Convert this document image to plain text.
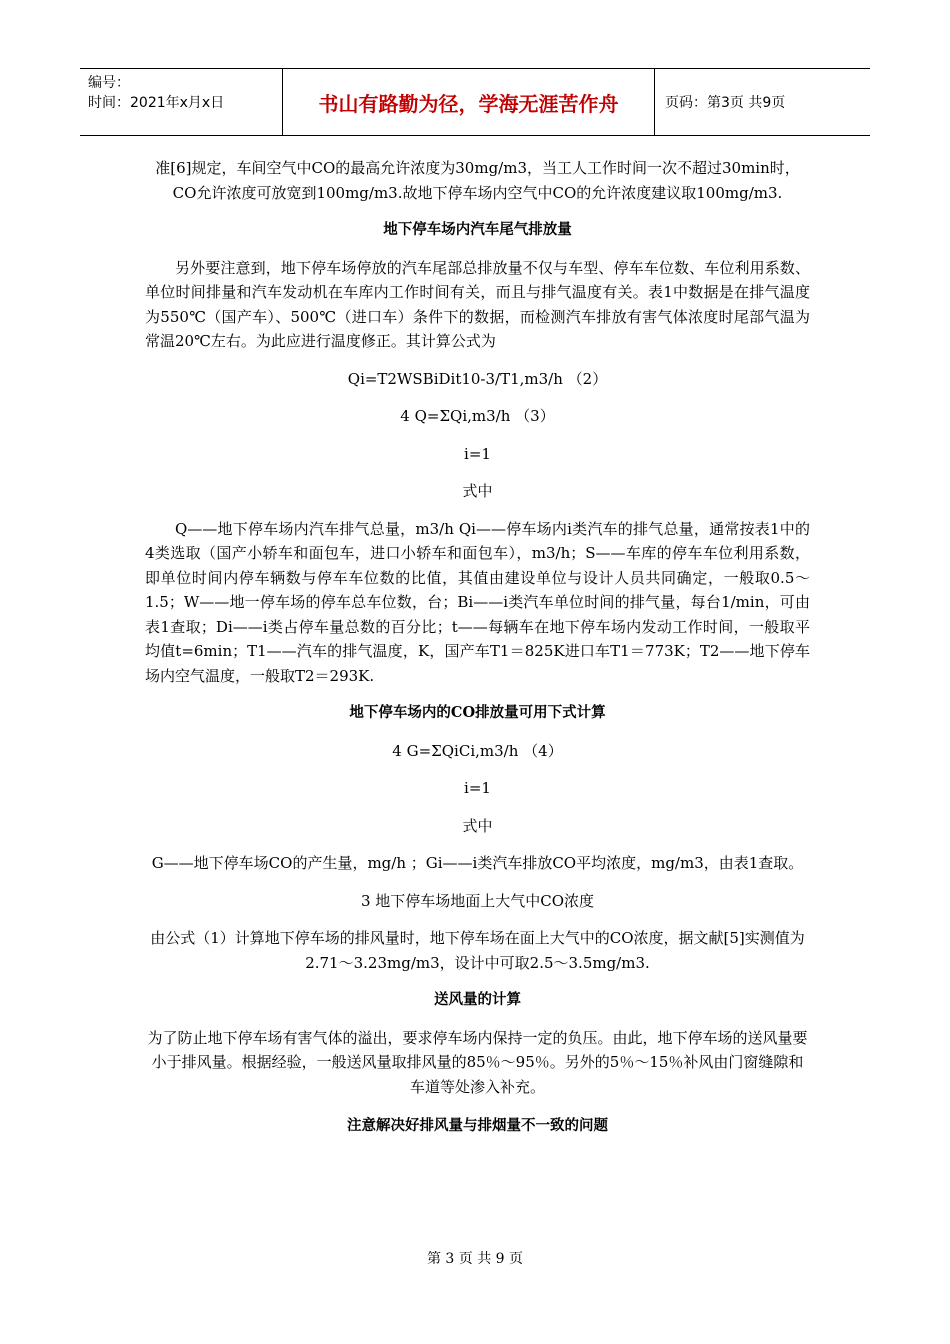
编号：
时间：2021年x月x日	书山有路勤为径，学海无涯苦作舟	页码：第3页 共9页

准[6]规定，车间空气中CO的最高允许浓度为30mg/m3，当工人工作时间一次不超过30min时，CO允许浓度可放宽到100mg/m3.故地下停车场内空气中CO的允许浓度建议取100mg/m3.

地下停车场内汽车尾气排放量

另外要注意到，地下停车场停放的汽车尾部总排放量不仅与车型、停车车位数、车位利用系数、单位时间排量和汽车发动机在车库内工作时间有关，而且与排气温度有关。表1中数据是在排气温度为550℃（国产车）、500℃（进口车）条件下的数据，而检测汽车排放有害气体浓度时尾部气温为常温20℃左右。为此应进行温度修正。其计算公式为

Qi=T2WSBiDit10-3/T1,m3/h （2）

4 Q=ΣQi,m3/h （3）

i=1

式中

Q——地下停车场内汽车排气总量，m3/h Qi——停车场内i类汽车的排气总量，通常按表1中的4类选取（国产小轿车和面包车，进口小轿车和面包车），m3/h；S——车库的停车车位利用系数，即单位时间内停车辆数与停车车位数的比值，其值由建设单位与设计人员共同确定，一般取0.5～1.5；W——地一停车场的停车总车位数，台；Bi——i类汽车单位时间的排气量，每台1/min，可由表1查取；Di——i类占停车量总数的百分比；t——每辆车在地下停车场内发动工作时间，一般取平均值t=6min；T1——汽车的排气温度，K，国产车T1＝825K进口车T1＝773K；T2——地下停车场内空气温度，一般取T2＝293K.

地下停车场内的CO排放量可用下式计算

4 G=ΣQiCi,m3/h （4）

i=1

式中

G——地下停车场CO的产生量，mg/h ；Gi——i类汽车排放CO平均浓度，mg/m3，由表1查取。

3 地下停车场地面上大气中CO浓度

由公式（1）计算地下停车场的排风量时，地下停车场在面上大气中的CO浓度，据文献[5]实测值为2.71～3.23mg/m3，设计中可取2.5～3.5mg/m3.

送风量的计算

为了防止地下停车场有害气体的溢出，要求停车场内保持一定的负压。由此，地下停车场的送风量要小于排风量。根据经验，一般送风量取排风量的85％～95％。另外的5％～15％补风由门窗缝隙和车道等处渗入补充。

注意解决好排风量与排烟量不一致的问题

第 3 页 共 9 页
